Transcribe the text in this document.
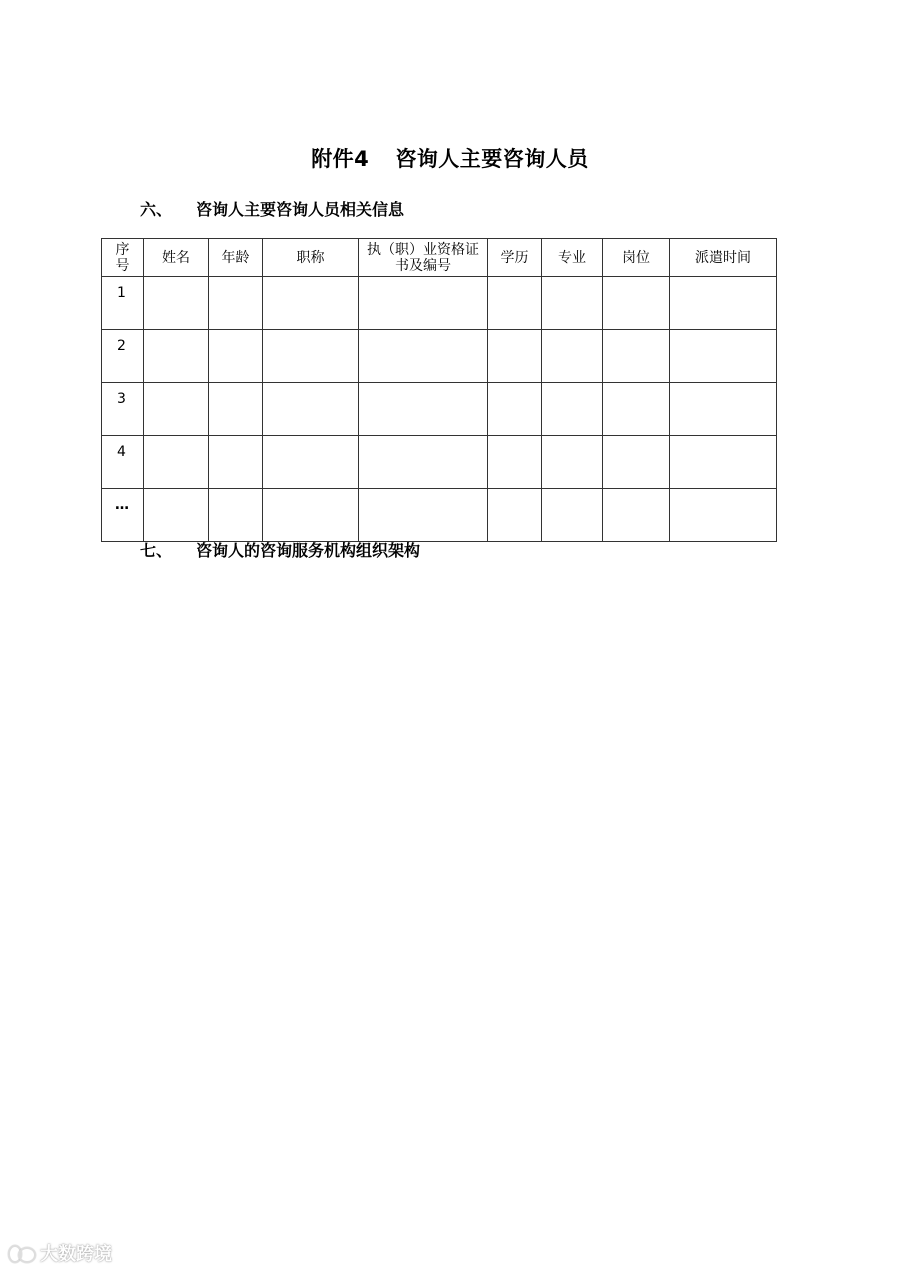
附件4 咨询人主要咨询人员
六、 咨询人主要咨询人员相关信息
序号	姓名	年龄	职称	执（职）业资格证书及编号	学历	专业	岗位	派遣时间
1								
2								
3								
4								
…								
七、 咨询人的咨询服务机构组织架构
大数跨境
